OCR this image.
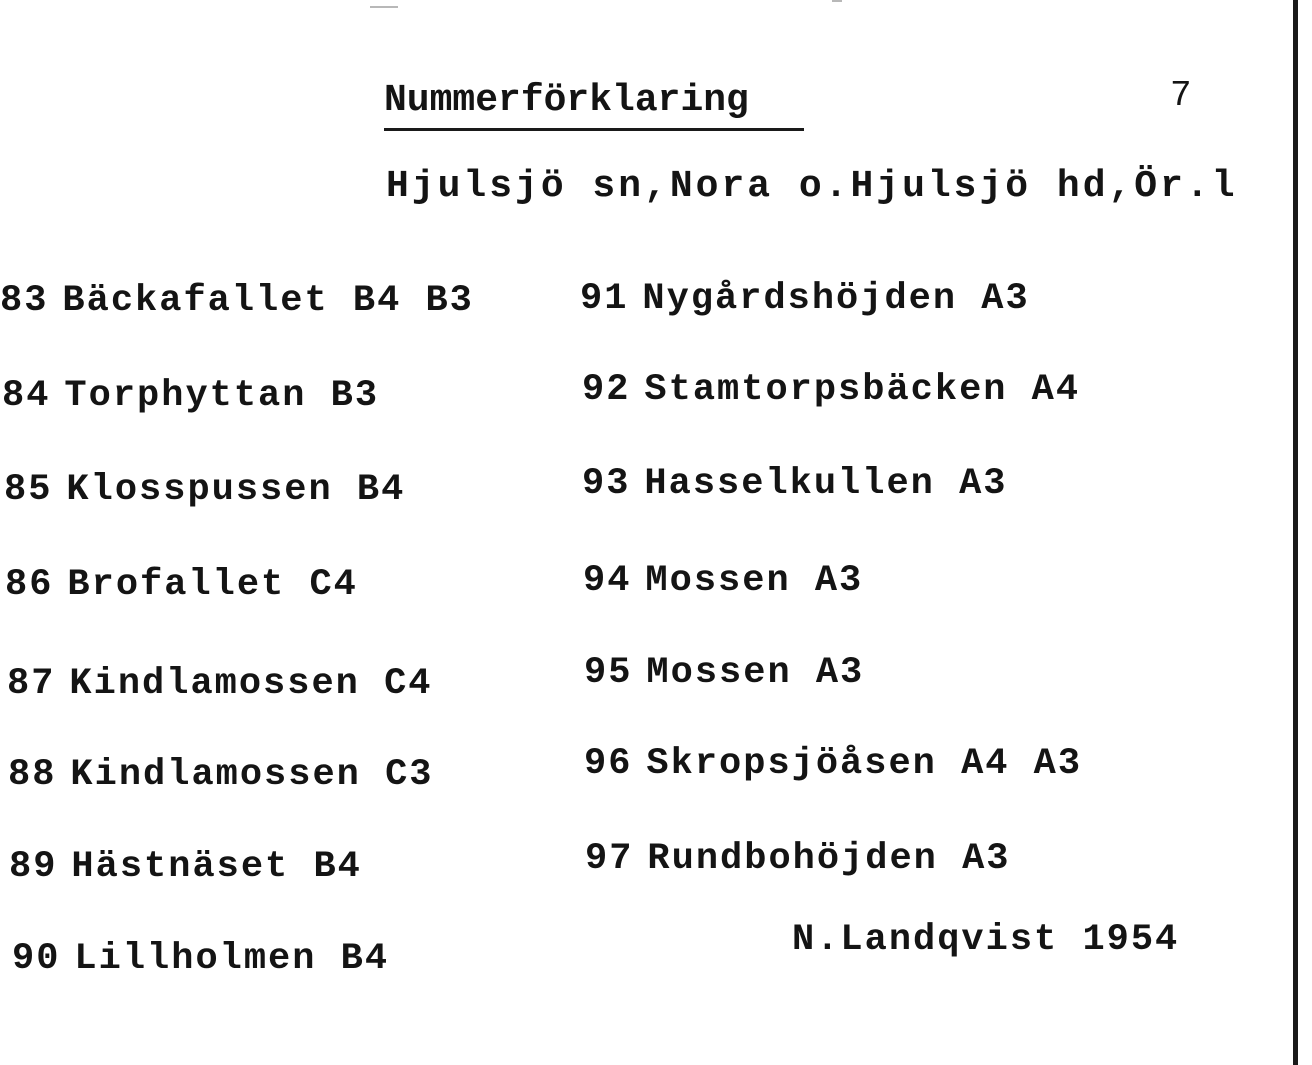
Nummerförklaring	7
Hjulsjö sn,Nora o.Hjulsjö hd,Ör.l
83 Bäckafallet B4 B3
84 Torphyttan B3
85 Klosspussen B4
86 Brofallet C4
87 Kindlamossen C4
88 Kindlamossen C3
89 Hästnäset B4
90 Lillholmen B4
91 Nygårdshöjden A3
92 Stamtorpsbäcken A4
93 Hasselkullen A3
94 Mossen A3
95 Mossen A3
96 Skropsjöåsen A4 A3
97 Rundbohöjden A3
N.Landqvist 1954
